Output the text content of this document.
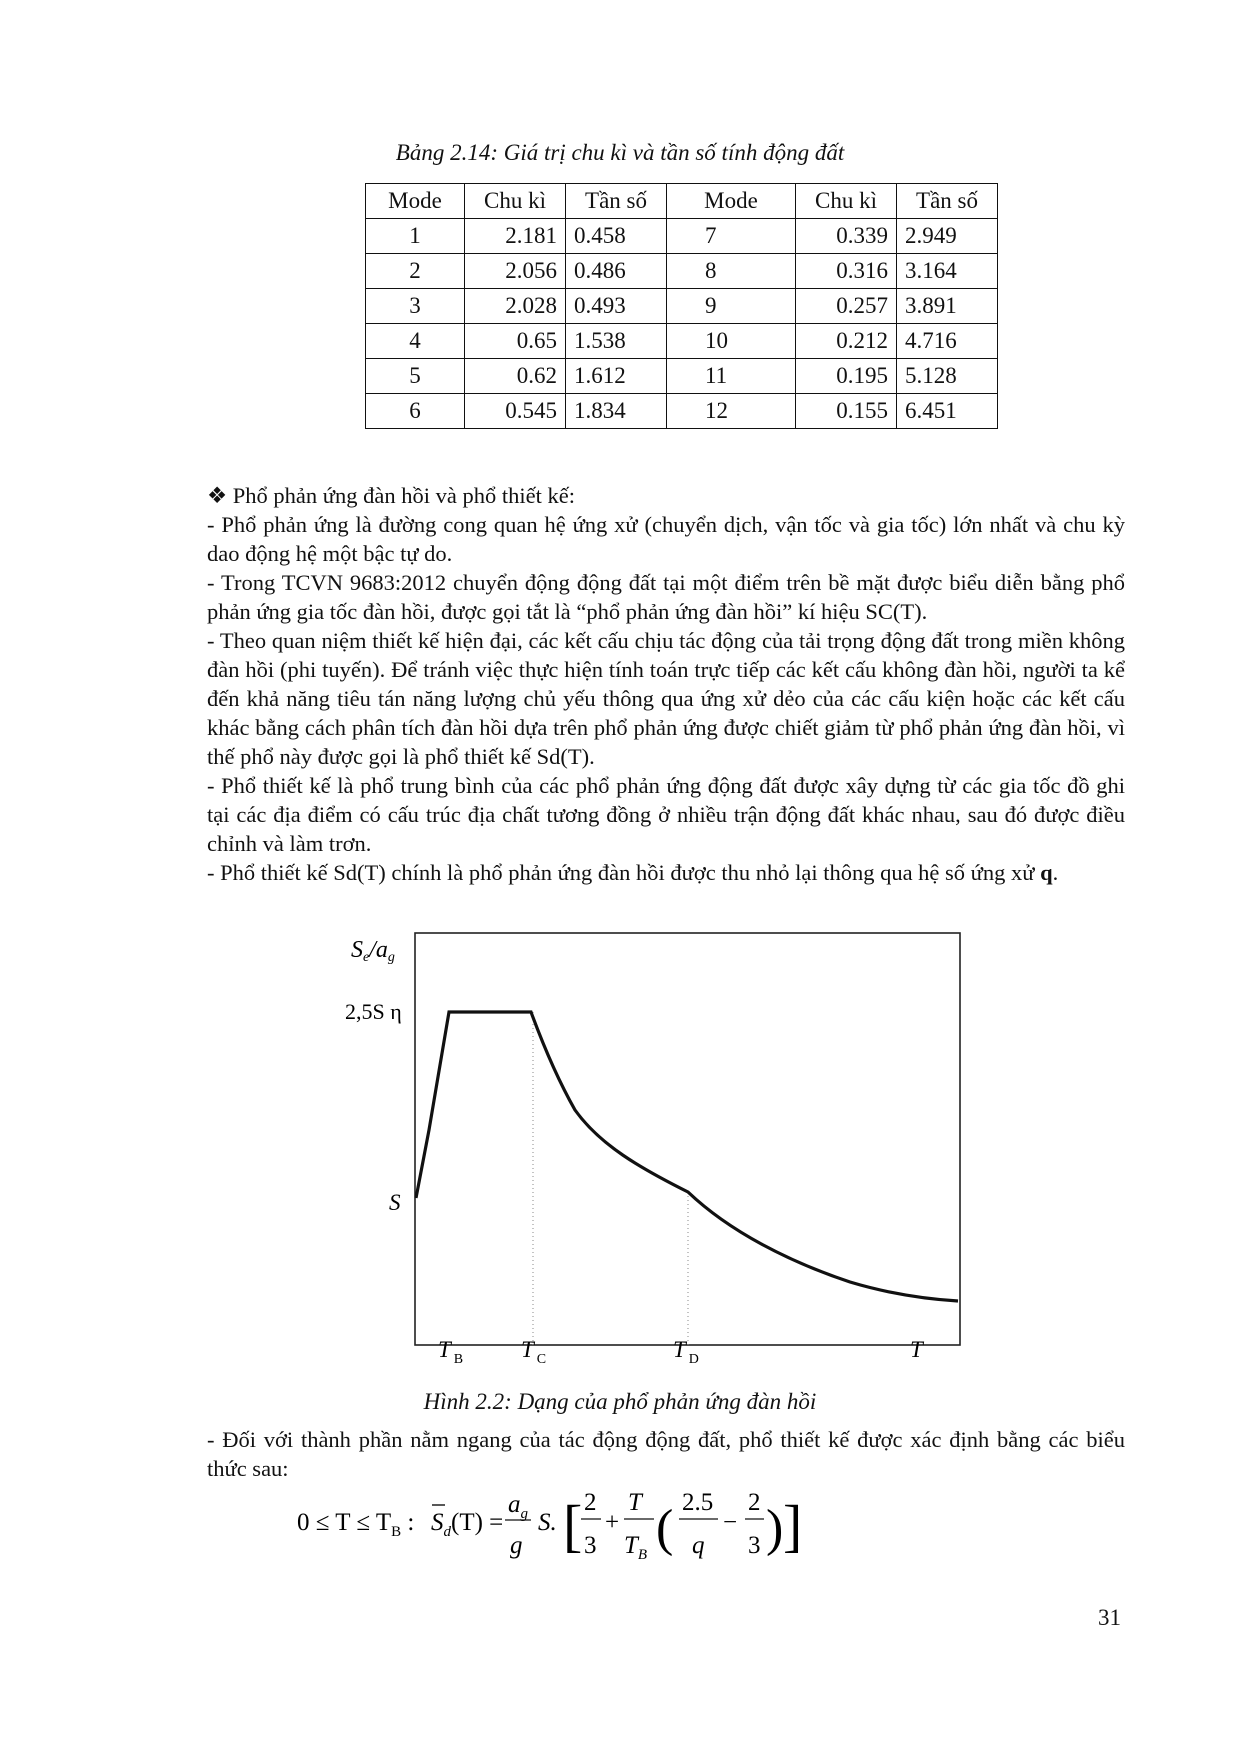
Bảng 2.14: Giá trị chu kì và tần số tính động đất
Mode	Chu kì	Tần số	Mode	Chu kì	Tần số
1	2.181	0.458	7	0.339	2.949
2	2.056	0.486	8	0.316	3.164
3	2.028	0.493	9	0.257	3.891
4	0.65	1.538	10	0.212	4.716
5	0.62	1.612	11	0.195	5.128
6	0.545	1.834	12	0.155	6.451

❖ Phổ phản ứng đàn hồi và phổ thiết kế:

- Phổ phản ứng là đường cong quan hệ ứng xử (chuyển dịch, vận tốc và gia tốc) lớn nhất và chu kỳ dao động hệ một bậc tự do.

- Trong TCVN 9683:2012 chuyển động động đất tại một điểm trên bề mặt được biểu diễn bằng phổ phản ứng gia tốc đàn hồi, được gọi tắt là “phổ phản ứng đàn hồi” kí hiệu SC(T).

- Theo quan niệm thiết kế hiện đại, các kết cấu chịu tác động của tải trọng động đất trong miền không đàn hồi (phi tuyến). Để tránh việc thực hiện tính toán trực tiếp các kết cấu không đàn hồi, người ta kể đến khả năng tiêu tán năng lượng chủ yếu thông qua ứng xử dẻo của các cấu kiện hoặc các kết cấu khác bằng cách phân tích đàn hồi dựa trên phổ phản ứng được chiết giảm từ phổ phản ứng đàn hồi, vì thế phổ này được gọi là phổ thiết kế Sd(T).

- Phổ thiết kế là phổ trung bình của các phổ phản ứng động đất được xây dựng từ các gia tốc đồ ghi tại các địa điểm có cấu trúc địa chất tương đồng ở nhiều trận động đất khác nhau, sau đó được điều chỉnh và làm trơn.

- Phổ thiết kế Sd(T) chính là phổ phản ứng đàn hồi được thu nhỏ lại thông qua hệ số ứng xử q.

Se/ag
2,5S η
S
T $_B$	T $_C$	T $_D$	T
Hình 2.2: Dạng của phổ phản ứng đàn hồi

- Đối với thành phần nằm ngang của tác động động đất, phổ thiết kế được xác định bằng các biểu thức sau:

$0 \le T \le T_B$ : $S_d(T)$ =
$a_g$
g
S. [ 2
3
+
T
$T_B$ ( 2.5
q
−
2
3 ) ]
31
